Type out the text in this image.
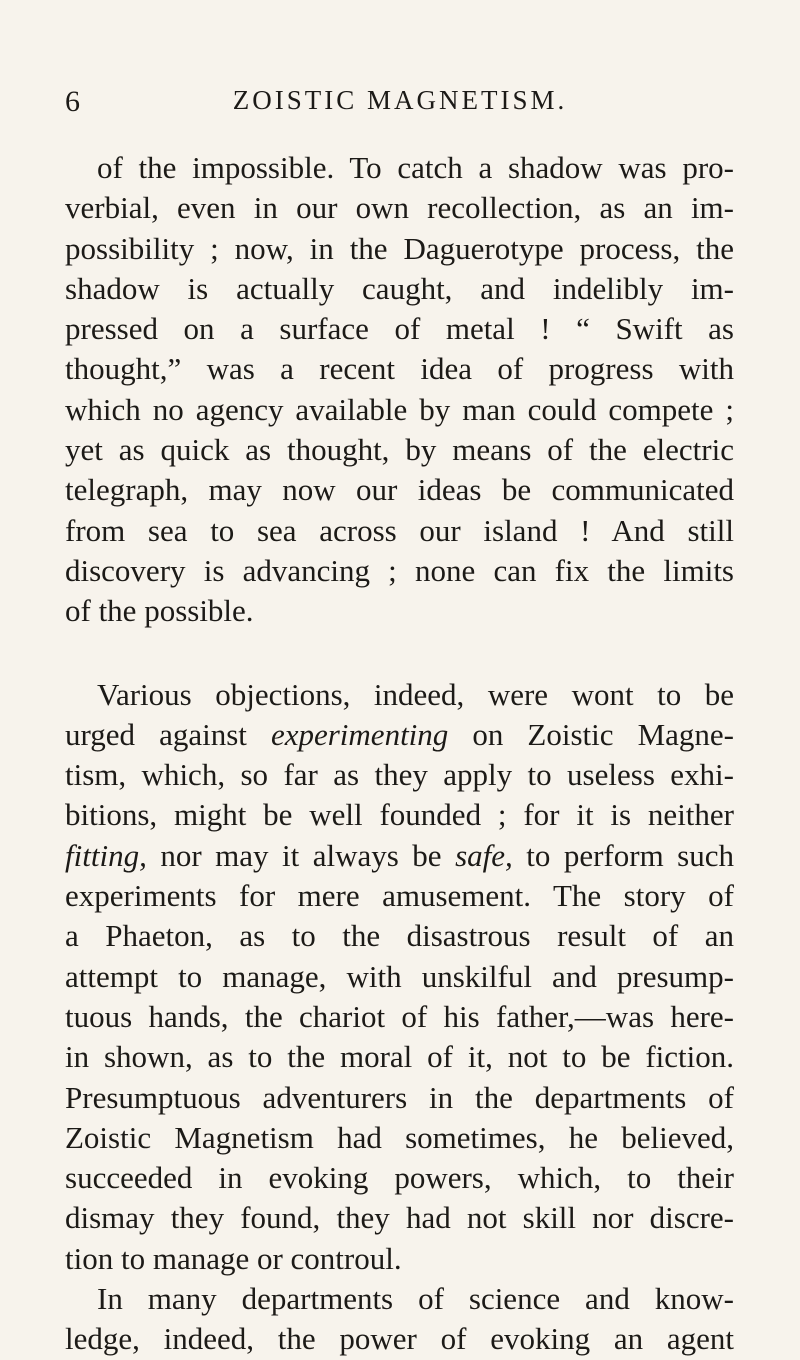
6	ZOISTIC MAGNETISM.
of the impossible. To catch a shadow was pro-
verbial, even in our own recollection, as an im-
possibility ; now, in the Daguerotype process, the
shadow is actually caught, and indelibly im-
pressed on a surface of metal ! “ Swift as
thought,” was a recent idea of progress with
which no agency available by man could compete ;
yet as quick as thought, by means of the electric
telegraph, may now our ideas be communicated
from sea to sea across our island ! And still
discovery is advancing ; none can fix the limits
of the possible.
Various objections, indeed, were wont to be
urged against experimenting on Zoistic Magne-
tism, which, so far as they apply to useless exhi-
bitions, might be well founded ; for it is neither
fitting, nor may it always be safe, to perform such
experiments for mere amusement. The story of
a Phaeton, as to the disastrous result of an
attempt to manage, with unskilful and presump-
tuous hands, the chariot of his father,—was here-
in shown, as to the moral of it, not to be fiction.
Presumptuous adventurers in the departments of
Zoistic Magnetism had sometimes, he believed,
succeeded in evoking powers, which, to their
dismay they found, they had not skill nor discre-
tion to manage or controul.
In many departments of science and know-
ledge, indeed, the power of evoking an agent
